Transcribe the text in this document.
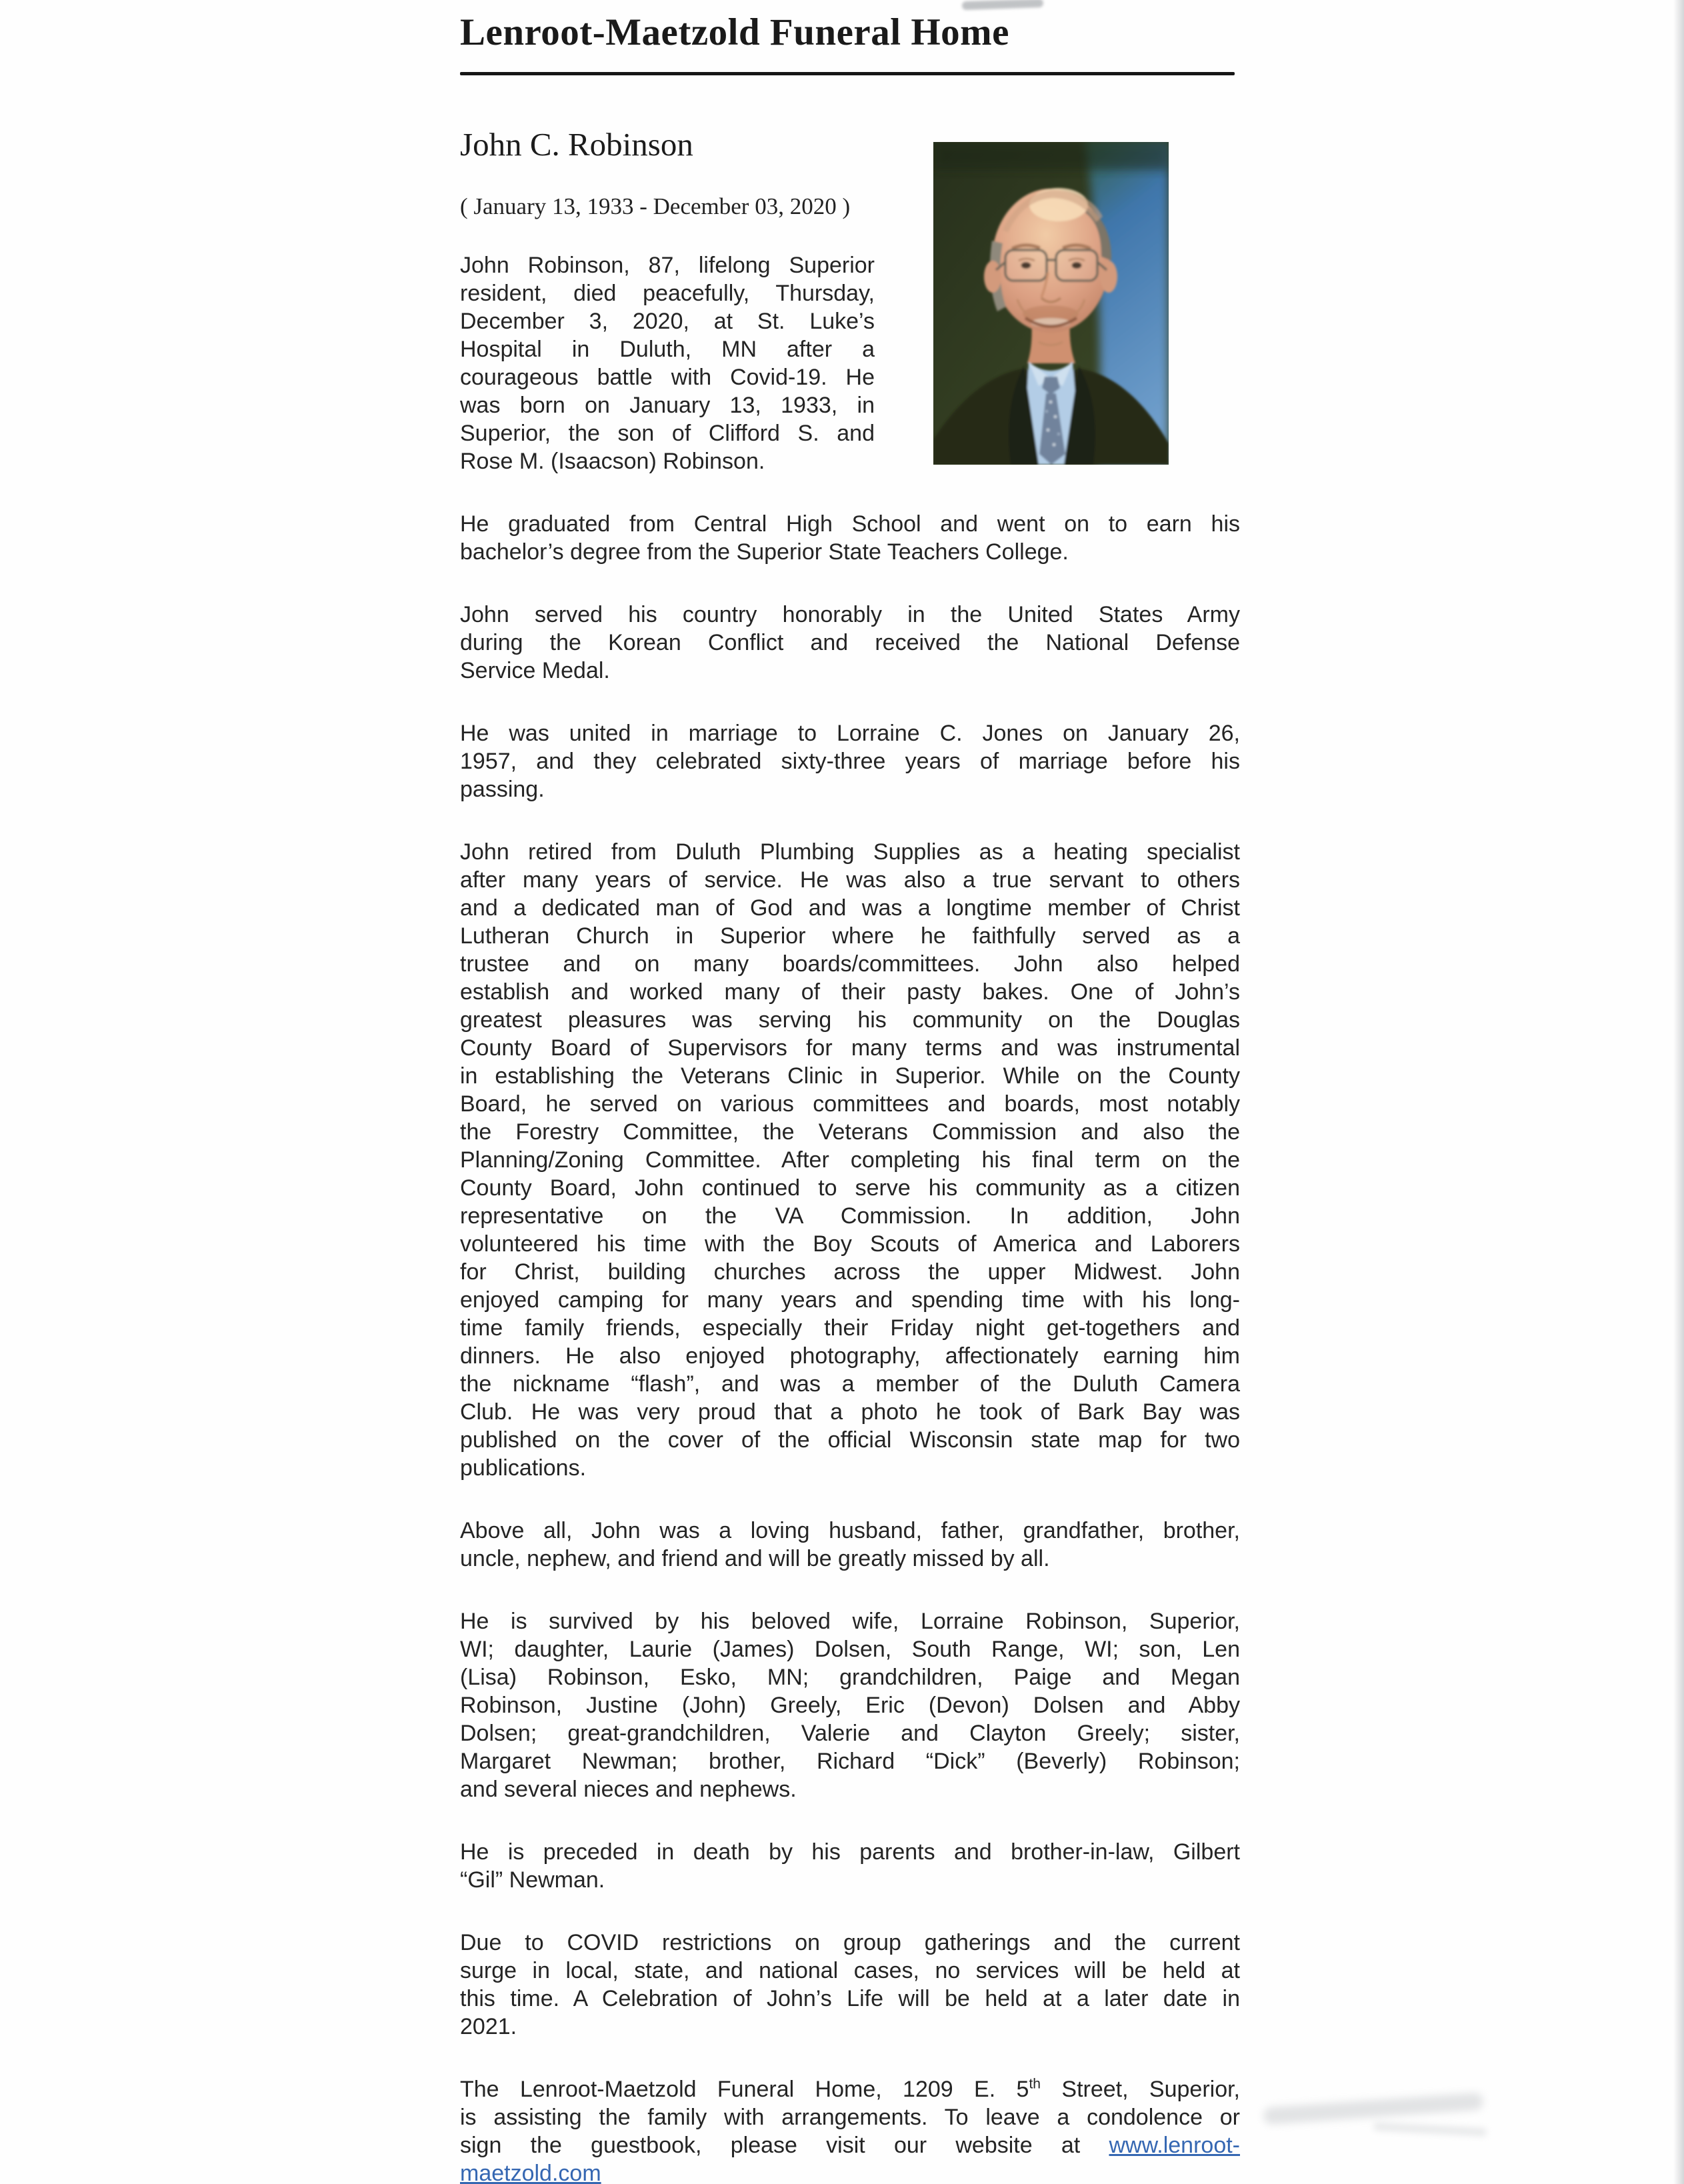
Lenroot-Maetzold Funeral Home
John C. Robinson
( January 13, 1933 - December 03, 2020 )
John Robinson, 87, lifelong Superior
resident, died peacefully, Thursday,
December 3, 2020, at St. Luke’s
Hospital in Duluth, MN after a
courageous battle with Covid-19. He
was born on January 13, 1933, in
Superior, the son of Clifford S. and
Rose M. (Isaacson) Robinson.
He graduated from Central High School and went on to earn his
bachelor’s degree from the Superior State Teachers College.
John served his country honorably in the United States Army
during the Korean Conflict and received the National Defense
Service Medal.
He was united in marriage to Lorraine C. Jones on January 26,
1957, and they celebrated sixty-three years of marriage before his
passing.
John retired from Duluth Plumbing Supplies as a heating specialist
after many years of service. He was also a true servant to others
and a dedicated man of God and was a longtime member of Christ
Lutheran Church in Superior where he faithfully served as a
trustee and on many boards/committees. John also helped
establish and worked many of their pasty bakes. One of John’s
greatest pleasures was serving his community on the Douglas
County Board of Supervisors for many terms and was instrumental
in establishing the Veterans Clinic in Superior. While on the County
Board, he served on various committees and boards, most notably
the Forestry Committee, the Veterans Commission and also the
Planning/Zoning Committee. After completing his final term on the
County Board, John continued to serve his community as a citizen
representative on the VA Commission. In addition, John
volunteered his time with the Boy Scouts of America and Laborers
for Christ, building churches across the upper Midwest. John
enjoyed camping for many years and spending time with his long-
time family friends, especially their Friday night get-togethers and
dinners. He also enjoyed photography, affectionately earning him
the nickname “flash”, and was a member of the Duluth Camera
Club. He was very proud that a photo he took of Bark Bay was
published on the cover of the official Wisconsin state map for two
publications.
Above all, John was a loving husband, father, grandfather, brother,
uncle, nephew, and friend and will be greatly missed by all.
He is survived by his beloved wife, Lorraine Robinson, Superior,
WI; daughter, Laurie (James) Dolsen, South Range, WI; son, Len
(Lisa) Robinson, Esko, MN; grandchildren, Paige and Megan
Robinson, Justine (John) Greely, Eric (Devon) Dolsen and Abby
Dolsen; great-grandchildren, Valerie and Clayton Greely; sister,
Margaret Newman; brother, Richard “Dick” (Beverly) Robinson;
and several nieces and nephews.
He is preceded in death by his parents and brother-in-law, Gilbert
“Gil” Newman.
Due to COVID restrictions on group gatherings and the current
surge in local, state, and national cases, no services will be held at
this time. A Celebration of John’s Life will be held at a later date in
2021.
The Lenroot-Maetzold Funeral Home, 1209 E. 5th Street, Superior,
is assisting the family with arrangements. To leave a condolence or
sign the guestbook, please visit our website at www.lenroot-
maetzold.com
